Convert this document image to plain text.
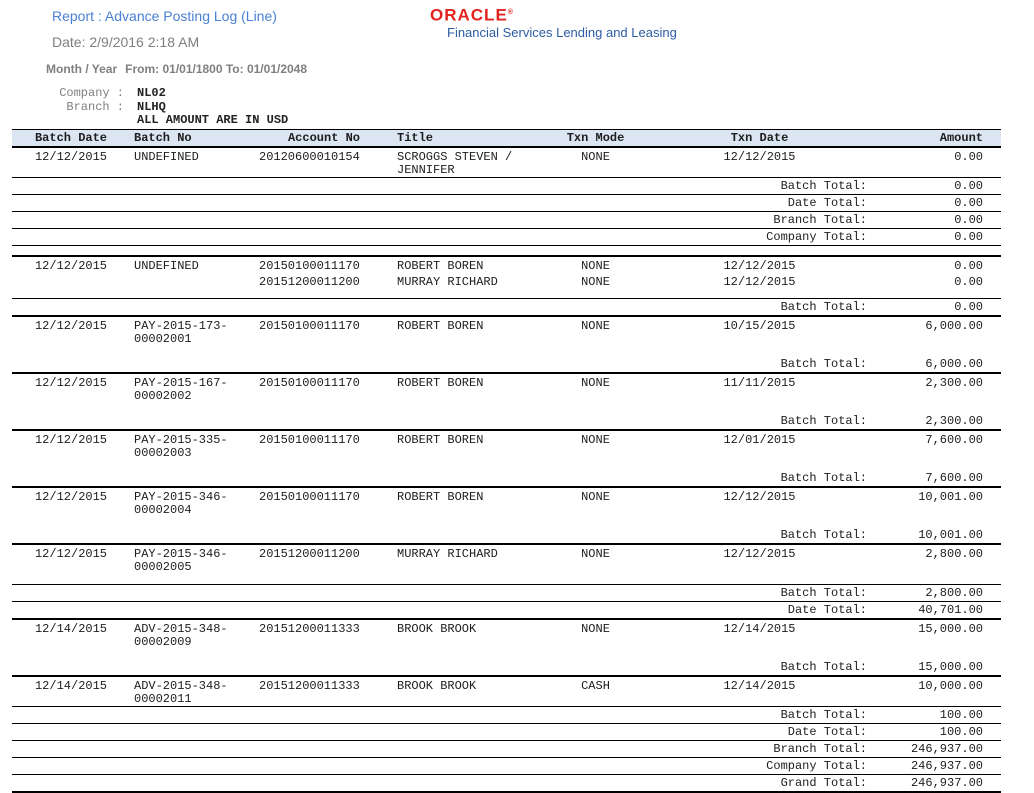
Report : Advance Posting Log (Line)
Date: 2/9/2016 2:18 AM
ORACLE®
Financial Services Lending and Leasing
Month / Year From: 01/01/1800 To: 01/01/2048
Company : NL02
Branch : NLHQ
ALL AMOUNT ARE IN USD
Batch Date	Batch No	Account No	Title	Txn Mode	Txn Date	Amount
12/12/2015	UNDEFINED	20120600010154	SCROGGS STEVEN /
JENNIFER	NONE	12/12/2015	0.00
Batch Total:						0.00
Date Total:						0.00
Branch Total:						0.00
Company Total:						0.00

12/12/2015	UNDEFINED	20150100011170	ROBERT BOREN	NONE	12/12/2015	0.00
		20151200011200	MURRAY RICHARD	NONE	12/12/2015	0.00

Batch Total:						0.00

12/12/2015	PAY-2015-173-
00002001	20150100011170	ROBERT BOREN	NONE	10/15/2015	6,000.00

Batch Total:						6,000.00

12/12/2015	PAY-2015-167-
00002002	20150100011170	ROBERT BOREN	NONE	11/11/2015	2,300.00

Batch Total:						2,300.00

12/12/2015	PAY-2015-335-
00002003	20150100011170	ROBERT BOREN	NONE	12/01/2015	7,600.00

Batch Total:						7,600.00

12/12/2015	PAY-2015-346-
00002004	20150100011170	ROBERT BOREN	NONE	12/12/2015	10,001.00

Batch Total:						10,001.00

12/12/2015	PAY-2015-346-
00002005	20151200011200	MURRAY RICHARD	NONE	12/12/2015	2,800.00

Batch Total:						2,800.00
Date Total:						40,701.00

12/14/2015	ADV-2015-348-
00002009	20151200011333	BROOK BROOK	NONE	12/14/2015	15,000.00

Batch Total:						15,000.00

12/14/2015	ADV-2015-348-
00002011	20151200011333	BROOK BROOK	CASH	12/14/2015	10,000.00
Batch Total:						100.00
Date Total:						100.00
Branch Total:						246,937.00
Company Total:						246,937.00
Grand Total:						246,937.00
